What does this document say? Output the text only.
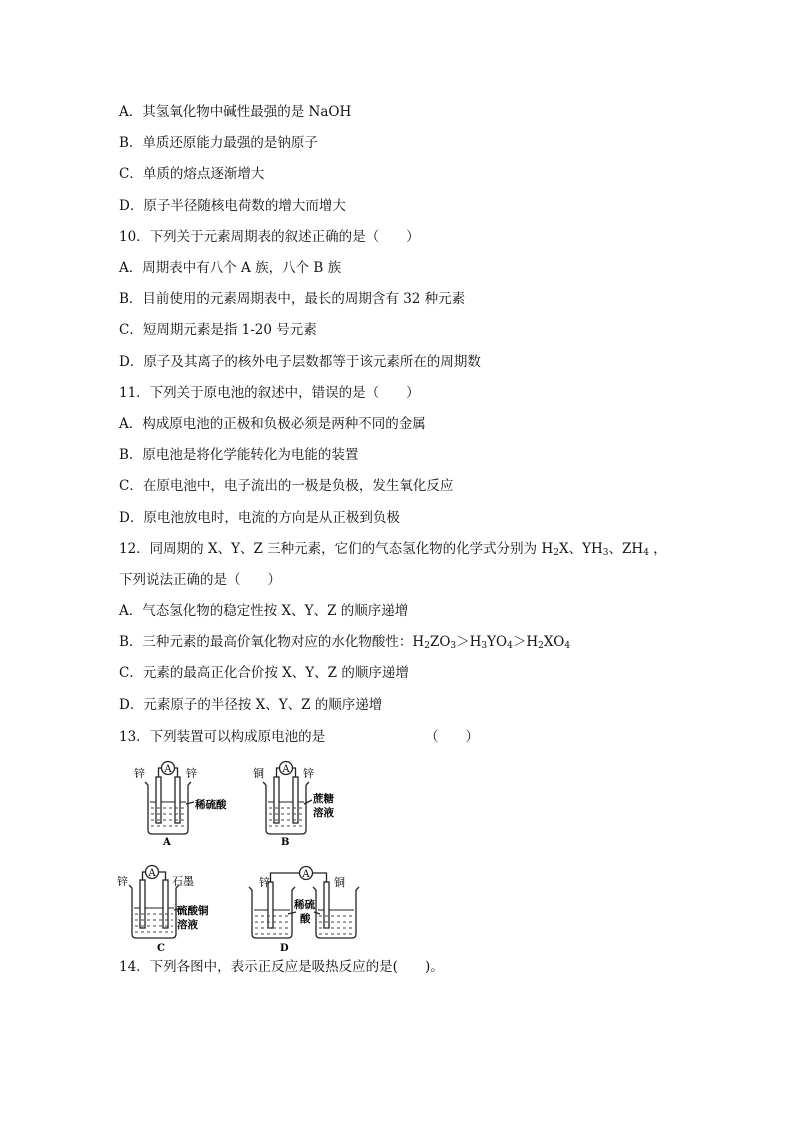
A．其氢氧化物中碱性最强的是 NaOH
B．单质还原能力最强的是钠原子
C．单质的熔点逐渐增大
D．原子半径随核电荷数的增大而增大
10．下列关于元素周期表的叙述正确的是（　　）
A．周期表中有八个 A 族，八个 B 族
B．目前使用的元素周期表中，最长的周期含有 32 种元素
C．短周期元素是指 1-20 号元素
D．原子及其离子的核外电子层数都等于该元素所在的周期数
11．下列关于原电池的叙述中，错误的是（　　）
A．构成原电池的正极和负极必须是两种不同的金属
B．原电池是将化学能转化为电能的装置
C．在原电池中，电子流出的一极是负极，发生氧化反应
D．原电池放电时，电流的方向是从正极到负极
12．同周期的 X、Y、Z 三种元素，它们的气态氢化物的化学式分别为 $H_2X$、$YH_3$、$ZH_4$ ，
下列说法正确的是（　　）
A．气态氢化物的稳定性按 X、Y、Z 的顺序递增
B．三种元素的最高价氧化物对应的水化物酸性：$H_2ZO_3>H_3YO_4>H_2XO_4$
C．元素的最高正化合价按 X、Y、Z 的顺序递增
D．元素原子的半径按 X、Y、Z 的顺序递增
13．下列装置可以构成原电池的是	（　　）
A
锌	锌
稀硫酸
A
A
铜	锌
蔗糖
溶液
B
A
锌	石墨
硫酸铜
溶液
C
A
锌	铜
稀硫
酸
D
14．下列各图中，表示正反应是吸热反应的是(　　)。
